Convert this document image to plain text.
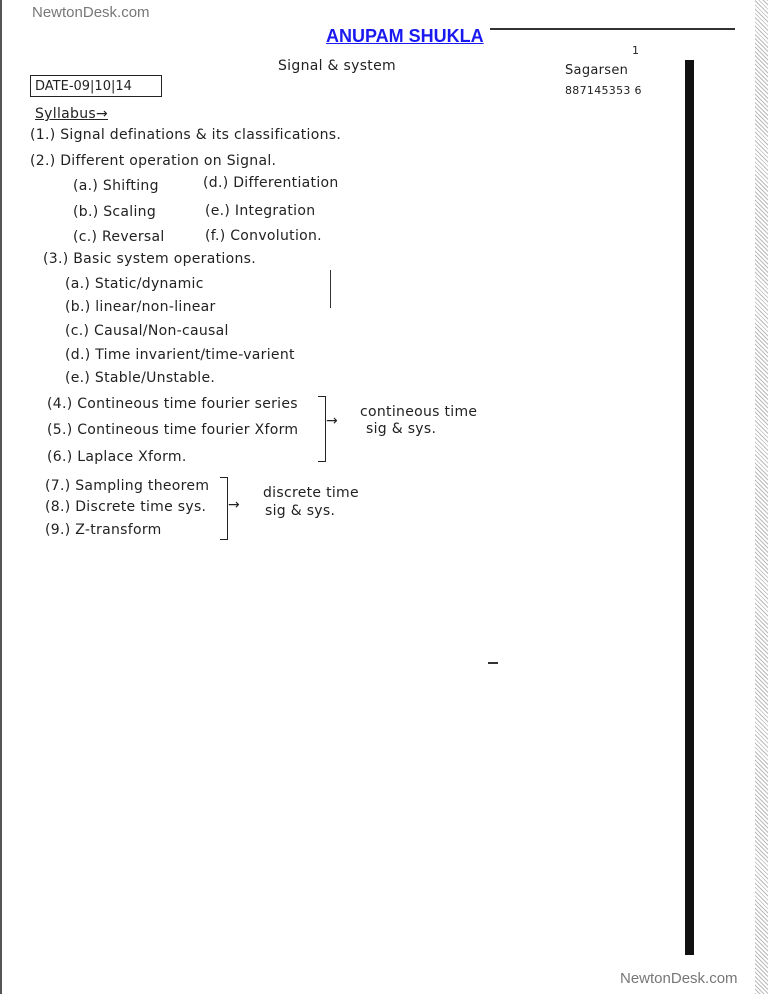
NewtonDesk.com
ANUPAM SHUKLA
1
Signal & system	Sagarsen
887145353 6
DATE-09|10|14
Syllabus→
(1.) Signal definations & its classifications.
(2.) Different operation on Signal.
(a.) Shifting
(b.) Scaling
(c.) Reversal
(d.) Differentiation
(e.) Integration
(f.) Convolution.
(3.) Basic system operations.
(a.) Static/dynamic
(b.) linear/non-linear
(c.) Causal/Non-causal
(d.) Time invarient/time-varient
(e.) Stable/Unstable.
(4.) Contineous time fourier series
(5.) Contineous time fourier Xform
(6.) Laplace Xform.
→
contineous time
sig & sys.
(7.) Sampling theorem
(8.) Discrete time sys.
(9.) Z-transform
→
discrete time
sig & sys.
NewtonDesk.com
